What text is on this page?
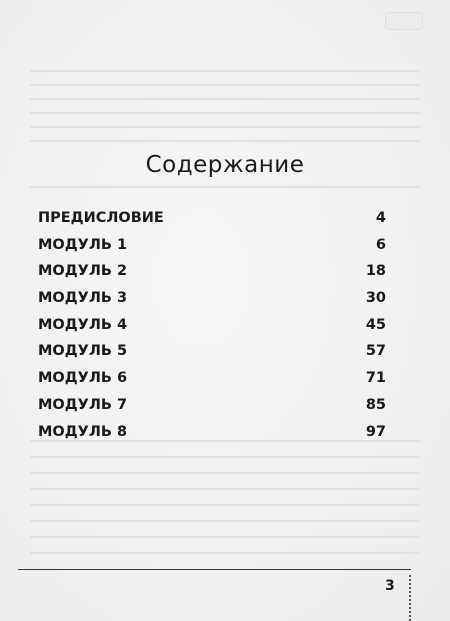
Содержание
ПРЕДИСЛОВИЕ	4
МОДУЛЬ 1	6
МОДУЛЬ 2	18
МОДУЛЬ 3	30
МОДУЛЬ 4	45
МОДУЛЬ 5	57
МОДУЛЬ 6	71
МОДУЛЬ 7	85
МОДУЛЬ 8	97
3
